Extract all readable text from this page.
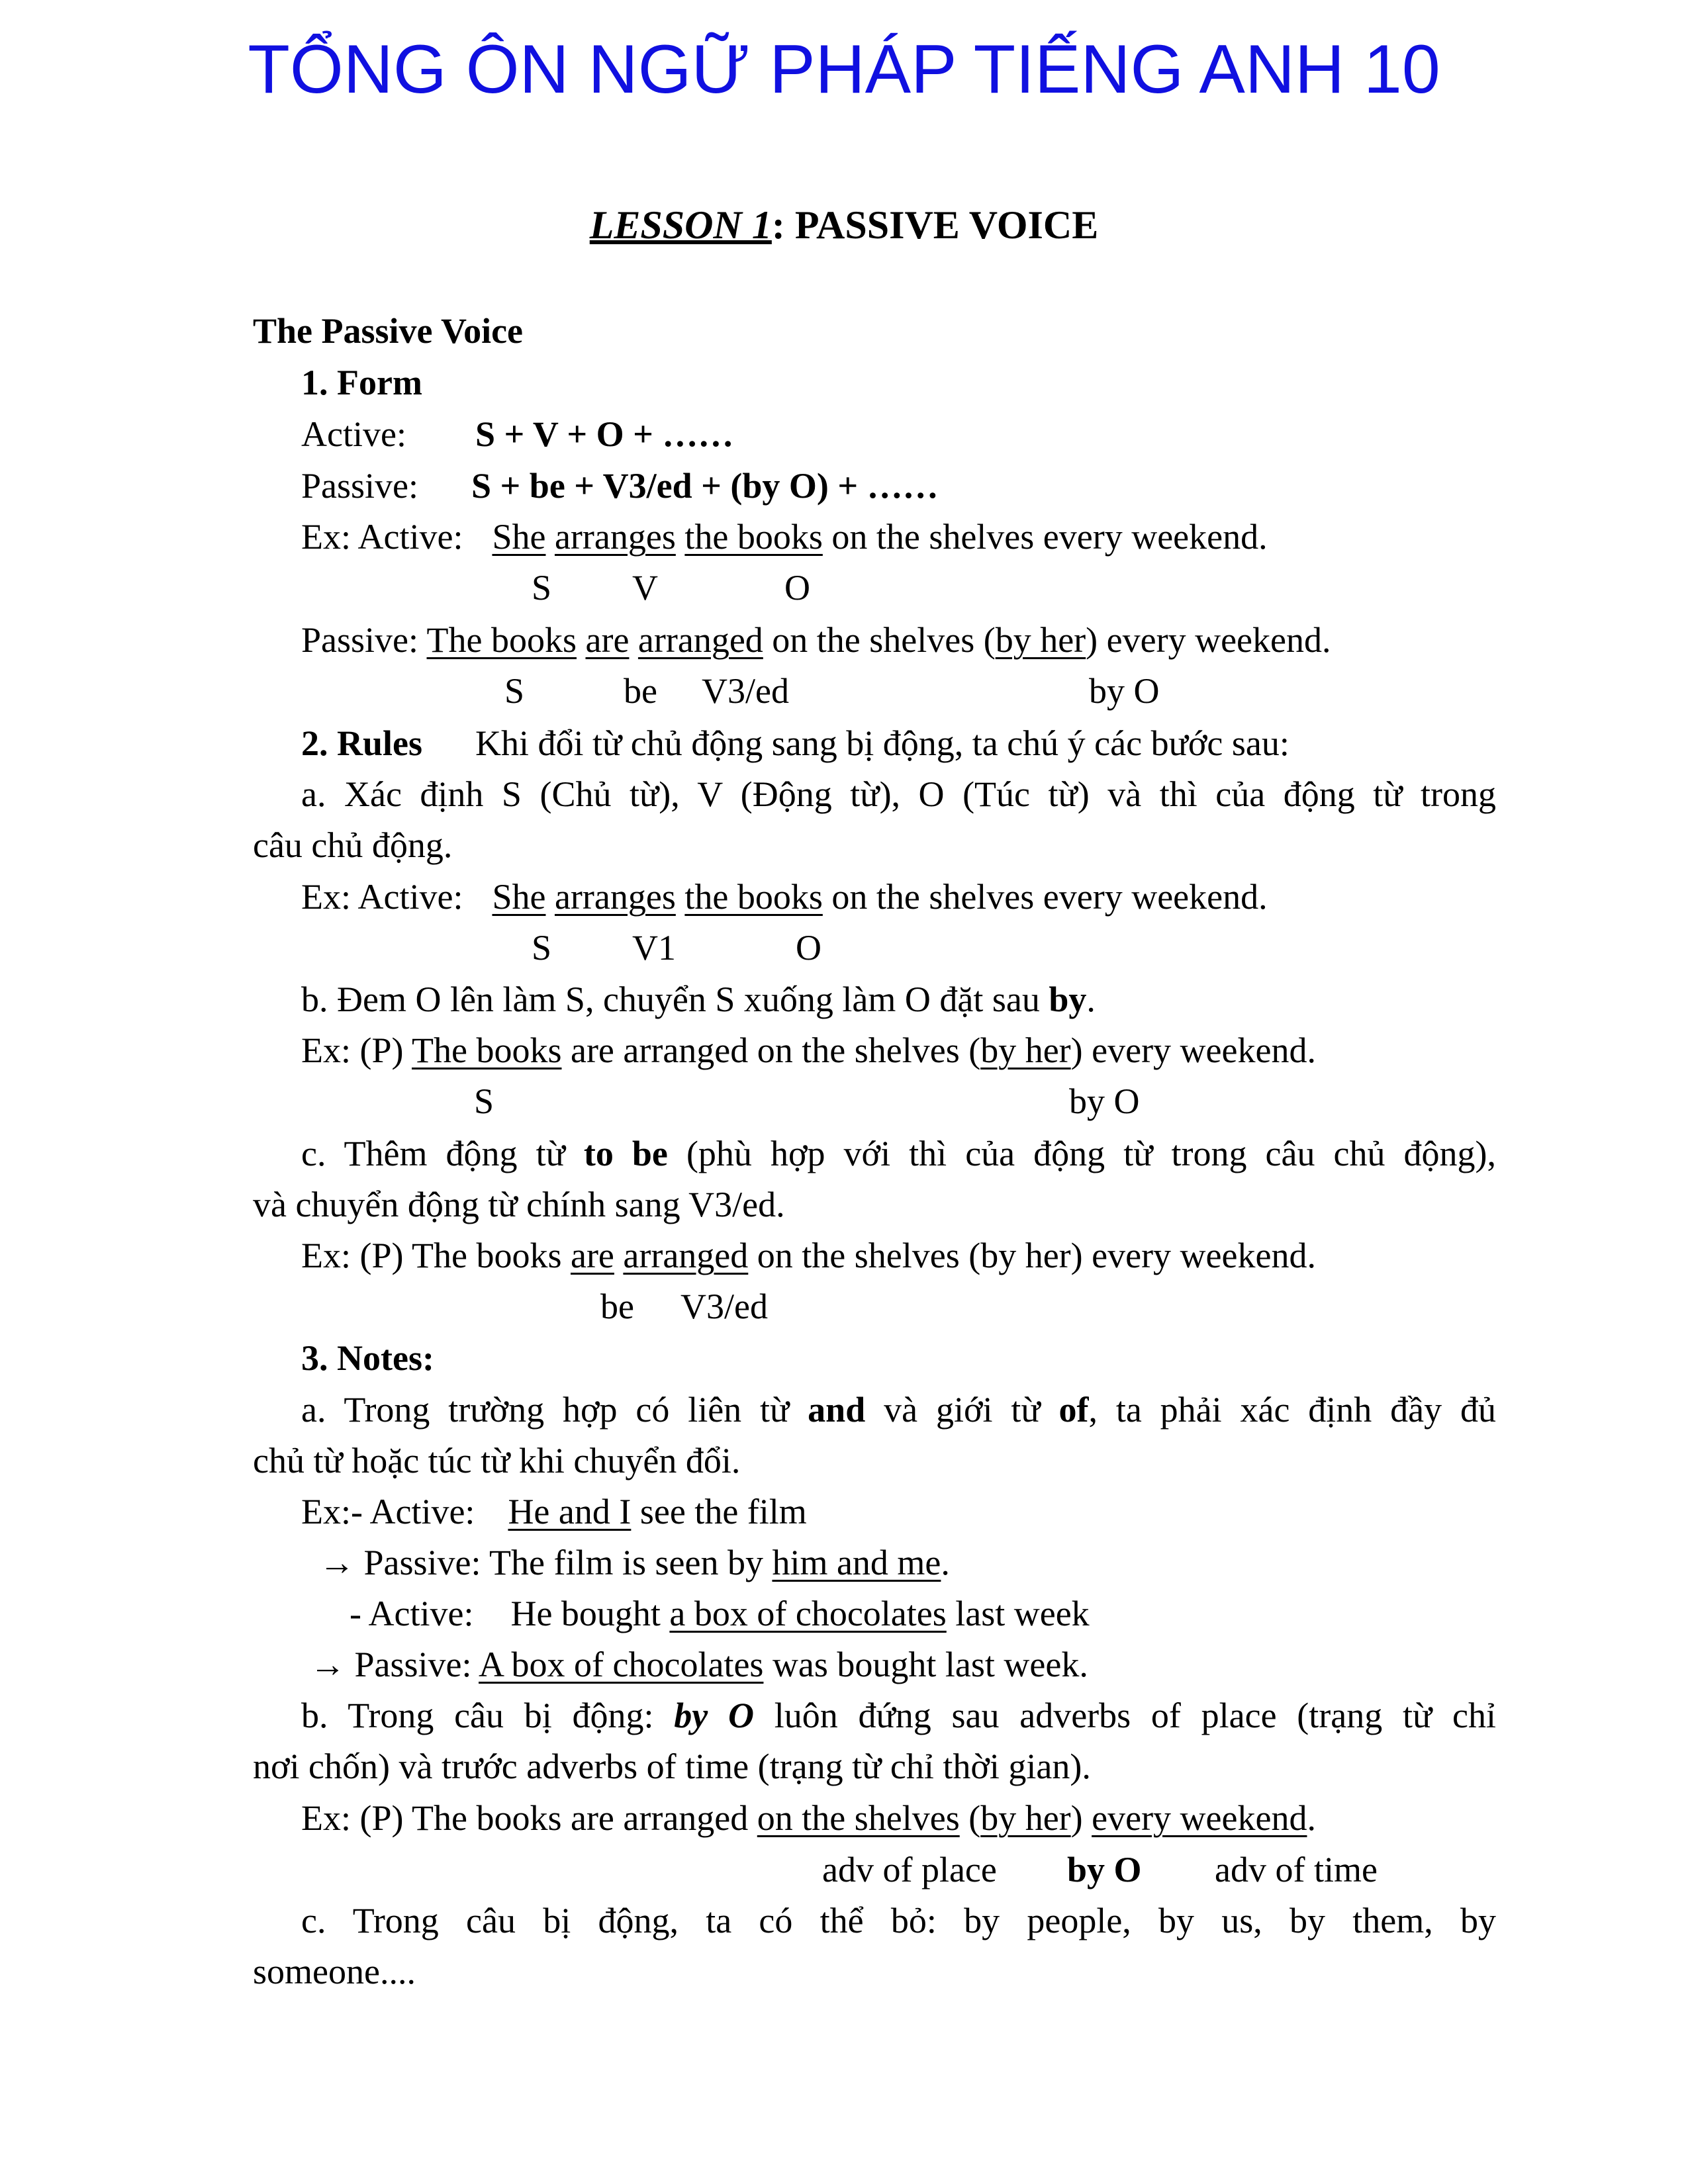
TỔNG ÔN NGỮ PHÁP TIẾNG ANH 10
LESSON 1: PASSIVE VOICE
The Passive Voice
1. Form
Active: S + V + O + ……
Passive: S + be + V3/ed + (by O) + ……
Ex: Active: She arranges the books on the shelves every weekend.
S V	O
Passive: The books are arranged on the shelves (by her) every weekend.
S	be V3/ed	by O
2. Rules Khi đổi từ chủ động sang bị động, ta chú ý các bước sau:
a. Xác định S (Chủ từ), V (Động từ), O (Túc từ) và thì của động từ trong
câu chủ động.
Ex: Active: She arranges the books on the shelves every weekend.
S V1	O
b. Đem O lên làm S, chuyển S xuống làm O đặt sau by.
Ex: (P) The books are arranged on the shelves (by her) every weekend.
S	by O
c. Thêm động từ to be (phù hợp với thì của động từ trong câu chủ động),
và chuyển động từ chính sang V3/ed.
Ex: (P) The books are arranged on the shelves (by her) every weekend.
be V3/ed
3. Notes:
a. Trong trường hợp có liên từ and và giới từ of, ta phải xác định đầy đủ
chủ từ hoặc túc từ khi chuyển đổi.
Ex:- Active: He and I see the film
→ Passive: The film is seen by him and me.
- Active: He bought a box of chocolates last week
→ Passive: A box of chocolates was bought last week.
b. Trong câu bị động: by O luôn đứng sau adverbs of place (trạng từ chỉ
nơi chốn) và trước adverbs of time (trạng từ chỉ thời gian).
Ex: (P) The books are arranged on the shelves (by her) every weekend.
adv of place by O adv of time
c. Trong câu bị động, ta có thể bỏ: by people, by us, by them, by
someone....
